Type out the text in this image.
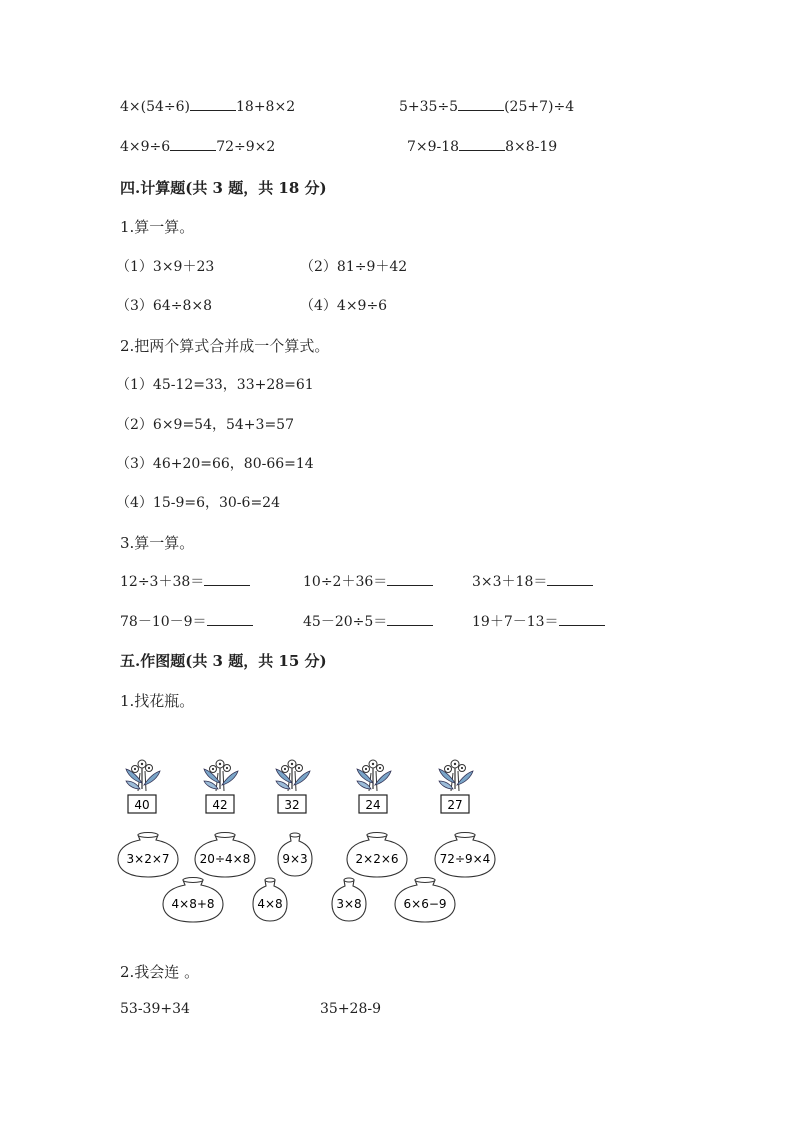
4×(54÷6)	18+8×2	5+35÷5	(25+7)÷4
4×9÷6	72÷9×2	7×9-18	8×8-19
四.计算题(共 3 题，共 18 分)
1.算一算。
（1）3×9＋23	（2）81÷9＋42
（3）64÷8×8	（4）4×9÷6
2.把两个算式合并成一个算式。
（1）45-12=33，33+28=61
（2）6×9=54，54+3=57
（3）46+20=66，80-66=14
（4）15-9=6，30-6=24
3.算一算。
12÷3＋38＝	10÷2＋36＝	3×3＋18＝
78－10－9＝	45－20÷5＝	19＋7－13＝
五.作图题(共 3 题，共 15 分)
1.找花瓶。
40	42	32	24	27
3×2×7	20÷4×8	9×3	2×2×6	72÷9×4
4×8+8	4×8	3×8	6×6−9
2.我会连 。
53-39+34	35+28-9
